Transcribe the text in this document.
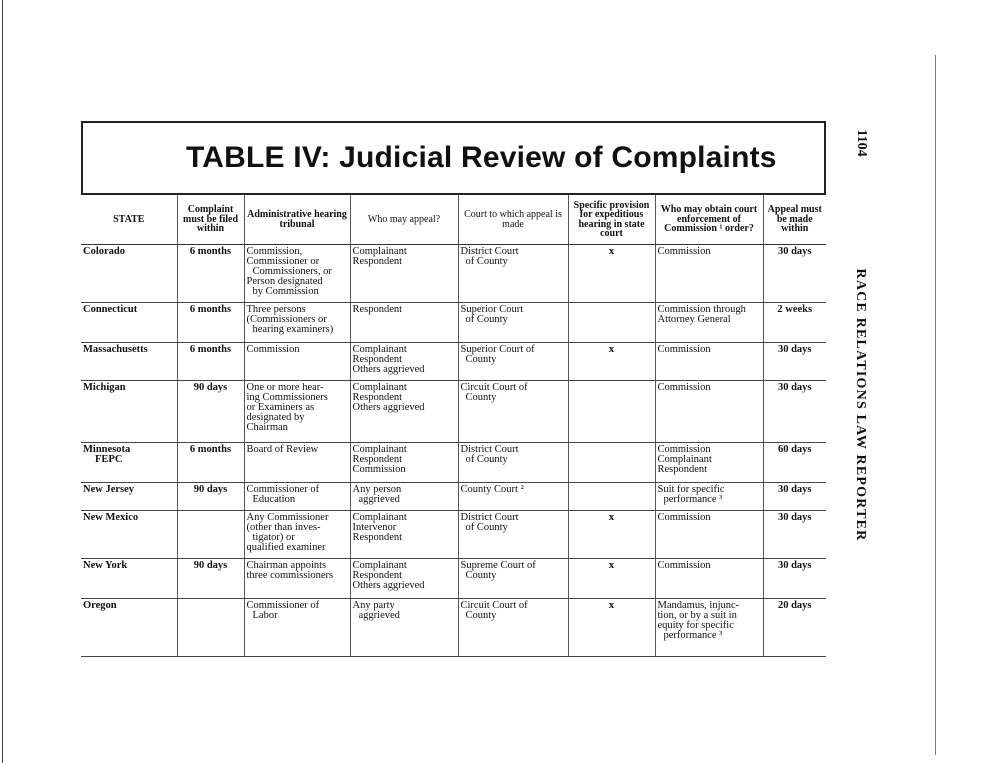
TABLE IV: Judicial Review of Complaints	1104
RACE RELATIONS LAW REPORTER
STATE	Complaint must be filed within	Administrative hearing tribunal	Who may appeal?	Court to which appeal is made	Specific provision for expeditious hearing in state court	Who may obtain court enforcement of Commission ¹ order?	Appeal must be made within

Colorado	6 months	Commission,
Commissioner or
Commissioners, or
Person designated
by Commission	Complainant
Respondent	District Court
of County	x	Commission	30 days

Connecticut	6 months	Three persons
(Commissioners or
hearing examiners)	Respondent	Superior Court
of County		Commission through
Attorney General	2 weeks

Massachusetts	6 months	Commission	Complainant
Respondent
Others aggrieved	Superior Court of
County	x	Commission	30 days

Michigan	90 days	One or more hear-
ing Commissioners
or Examiners as
designated by
Chairman	Complainant
Respondent
Others aggrieved	Circuit Court of
County		Commission	30 days

Minnesota
FEPC	6 months	Board of Review	Complainant
Respondent
Commission	District Court
of County		Commission
Complainant
Respondent	60 days

New Jersey	90 days	Commissioner of
Education	Any person
aggrieved	County Court ²		Suit for specific
performance ³	30 days

New Mexico		Any Commissioner
(other than inves-
tigator) or
qualified examiner	Complainant
Intervenor
Respondent	District Court
of County	x	Commission	30 days

New York	90 days	Chairman appoints
three commissioners	Complainant
Respondent
Others aggrieved	Supreme Court of
County	x	Commission	30 days

Oregon		Commissioner of
Labor	Any party
aggrieved	Circuit Court of
County	x	Mandamus, injunc-
tion, or by a suit in
equity for specific
performance ³	20 days
